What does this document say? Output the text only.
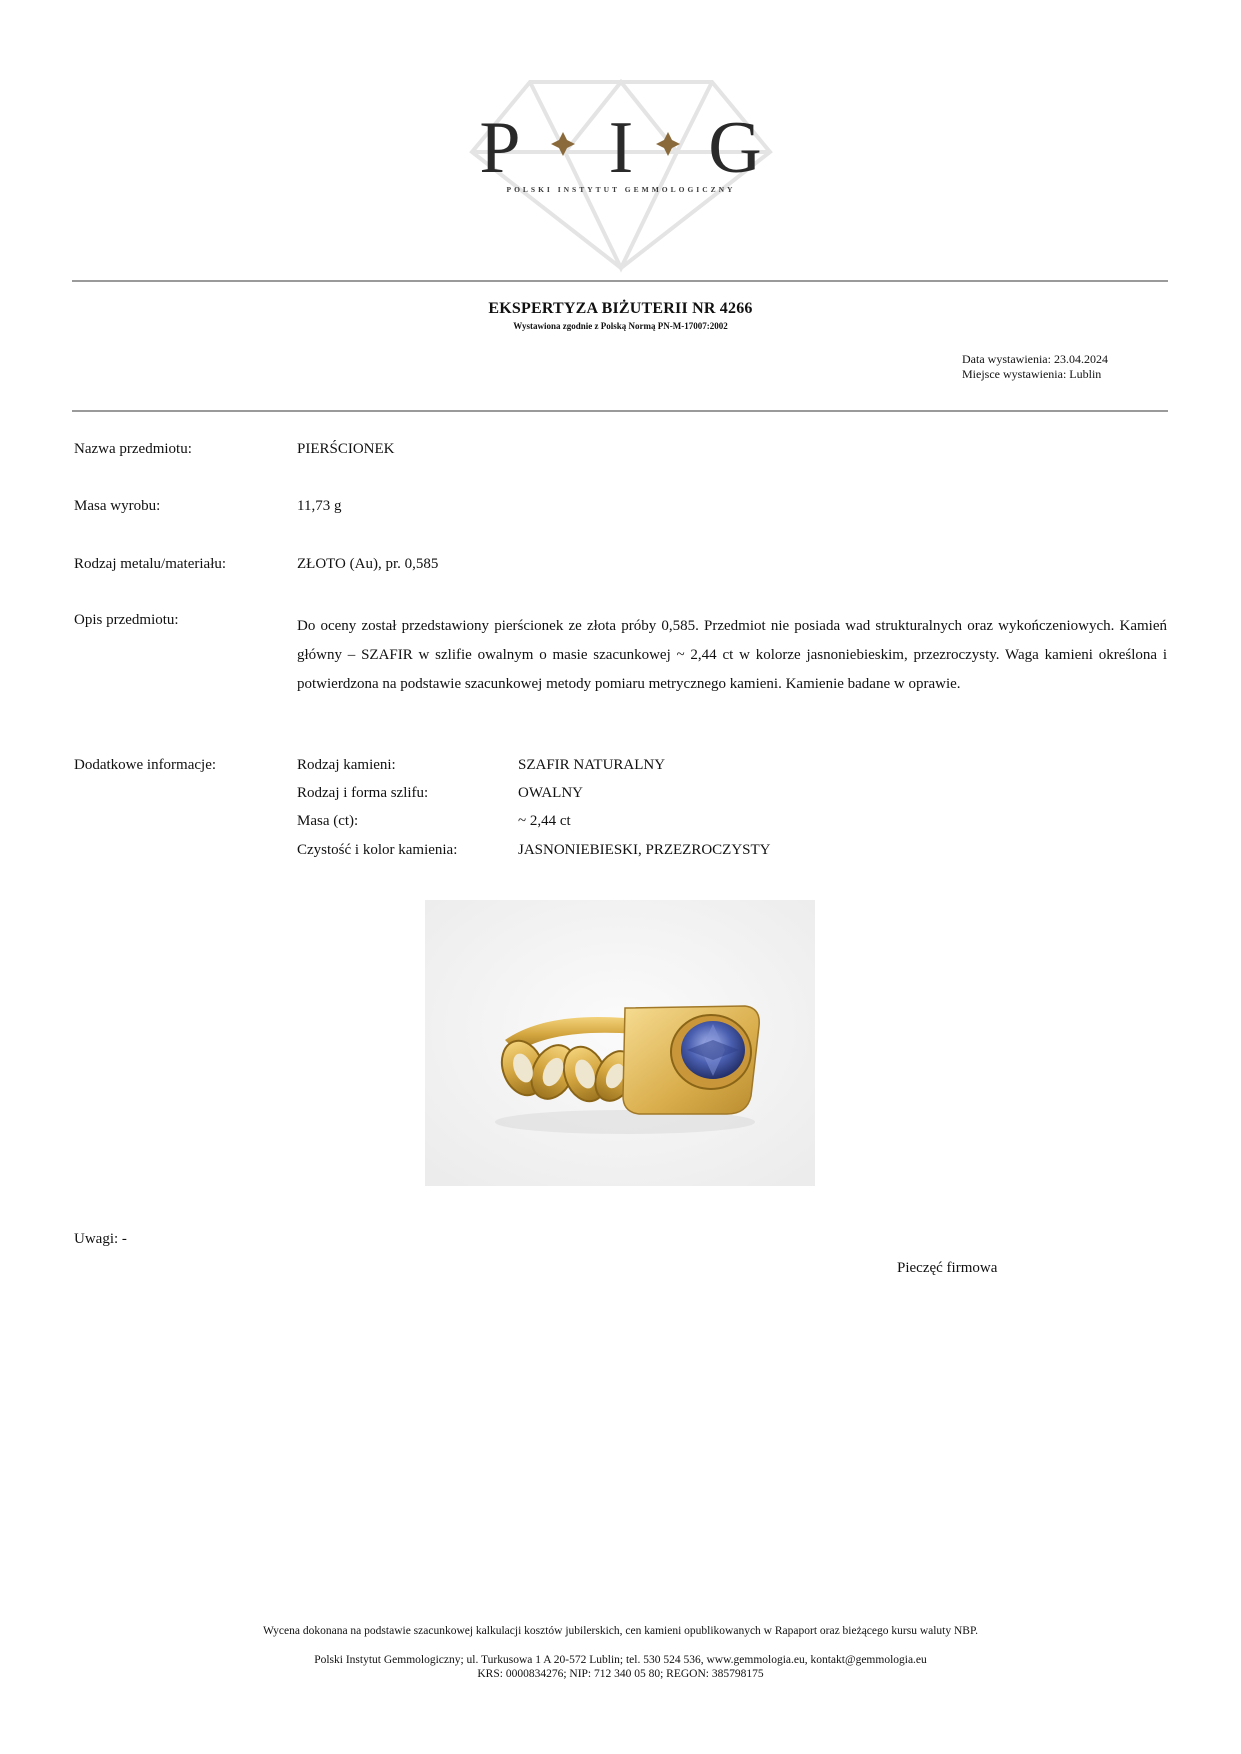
P I G
POLSKI INSTYTUT GEMMOLOGICZNY
EKSPERTYZA BIŻUTERII NR 4266
Wystawiona zgodnie z Polską Normą PN-M-17007:2002
Data wystawienia: 23.04.2024
Miejsce wystawienia: Lublin
Nazwa przedmiotu:	PIERŚCIONEK
Masa wyrobu:	11,73 g
Rodzaj metalu/materiału:	ZŁOTO (Au), pr. 0,585
Opis przedmiotu:	Do oceny został przedstawiony pierścionek ze złota próby 0,585. Przedmiot nie posiada wad strukturalnych oraz wykończeniowych. Kamień główny – SZAFIR w szlifie owalnym o masie szacunkowej ~ 2,44 ct w kolorze jasnoniebieskim, przezroczysty. Waga kamieni określona i potwierdzona na podstawie szacunkowej metody pomiaru metrycznego kamieni. Kamienie badane w oprawie.
Dodatkowe informacje:	Rodzaj kamieni:	SZAFIR NATURALNY
Rodzaj i forma szlifu:	OWALNY
Masa (ct):	~ 2,44 ct
Czystość i kolor kamienia:	JASNONIEBIESKI, PRZEZROCZYSTY
Uwagi: -
Pieczęć firmowa
Wycena dokonana na podstawie szacunkowej kalkulacji kosztów jubilerskich, cen kamieni opublikowanych w Rapaport oraz bieżącego kursu waluty NBP.
Polski Instytut Gemmologiczny; ul. Turkusowa 1 A 20-572 Lublin; tel. 530 524 536, www.gemmologia.eu, kontakt@gemmologia.eu
KRS: 0000834276; NIP: 712 340 05 80; REGON: 385798175
